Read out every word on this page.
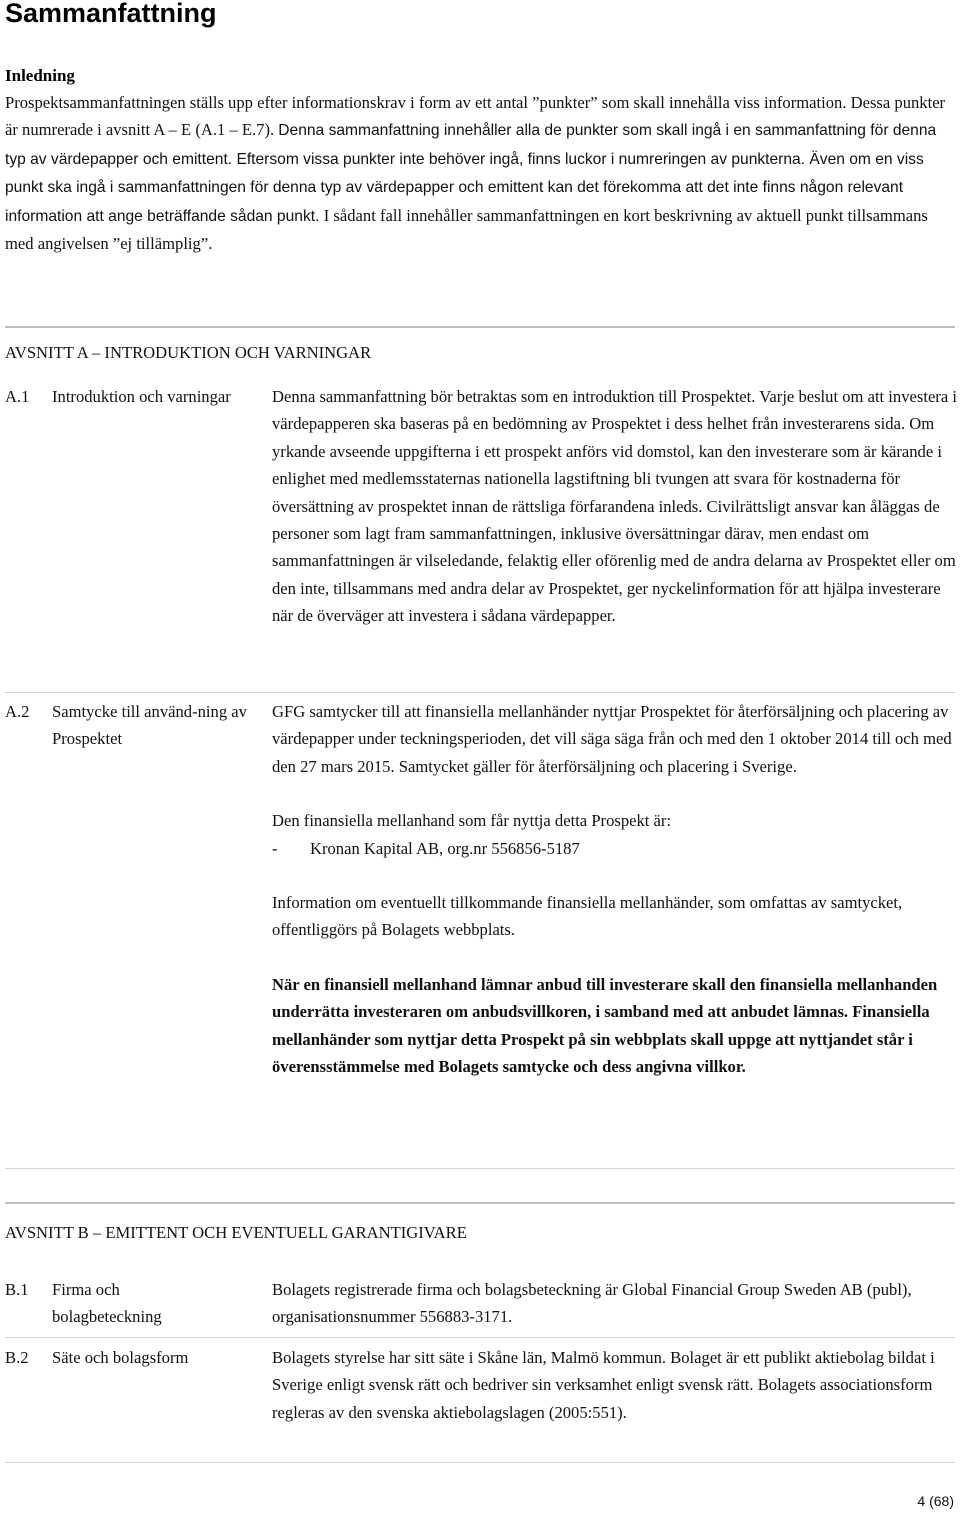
Sammanfattning
Inledning

Prospektsammanfattningen ställs upp efter informationskrav i form av ett antal ”punkter” som skall innehålla viss information. Dessa punkter är numrerade i avsnitt A – E (A.1 – E.7). Denna sammanfattning innehåller alla de punkter som skall ingå i en sammanfattning för denna typ av värdepapper och emittent. Eftersom vissa punkter inte behöver ingå, finns luckor i numreringen av punkterna. Även om en viss punkt ska ingå i sammanfattningen för denna typ av värdepapper och emittent kan det förekomma att det inte finns någon relevant information att ange beträffande sådan punkt. I sådant fall innehåller sammanfattningen en kort beskrivning av aktuell punkt tillsammans med angivelsen ”ej tillämplig”.

AVSNITT A – INTRODUKTION OCH VARNINGAR
A.1 Introduktion och varningar	Denna sammanfattning bör betraktas som en introduktion till Prospektet. Varje beslut om att investera i värdepapperen ska baseras på en bedömning av Prospektet i dess helhet från investerarens sida. Om yrkande avseende uppgifterna i ett prospekt anförs vid domstol, kan den investerare som är kärande i enlighet med medlemsstaternas nationella lagstiftning bli tvungen att svara för kostnaderna för översättning av prospektet innan de rättsliga förfarandena inleds. Civilrättsligt ansvar kan åläggas de personer som lagt fram sammanfattningen, inklusive översättningar därav, men endast om sammanfattningen är vilseledande, felaktig eller oförenlig med de andra delarna av Prospektet eller om den inte, tillsammans med andra delar av Prospektet, ger nyckelinformation för att hjälpa investerare när de överväger att investera i sådana värdepapper.

A.2 Samtycke till använd-ning av Prospektet

GFG samtycker till att finansiella mellanhänder nyttjar Prospektet för återförsäljning och placering av värdepapper under teckningsperioden, det vill säga säga från och med den 1 oktober 2014 till och med den 27 mars 2015. Samtycket gäller för återförsäljning och placering i Sverige.

Den finansiella mellanhand som får nyttja detta Prospekt är:

- Kronan Kapital AB, org.nr 556856-5187

Information om eventuellt tillkommande finansiella mellanhänder, som omfattas av samtycket, offentliggörs på Bolagets webbplats.

När en finansiell mellanhand lämnar anbud till investerare skall den finansiella mellanhanden underrätta investeraren om anbudsvillkoren, i samband med att anbudet lämnas. Finansiella mellanhänder som nyttjar detta Prospekt på sin webbplats skall uppge att nyttjandet står i överensstämmelse med Bolagets samtycke och dess angivna villkor.

AVSNITT B – EMITTENT OCH EVENTUELL GARANTIGIVARE
B.1 Firma och bolagbeteckning

Bolagets registrerade firma och bolagsbeteckning är Global Financial Group Sweden AB (publ), organisationsnummer 556883-3171.

B.2 Säte och bolagsform	Bolagets styrelse har sitt säte i Skåne län, Malmö kommun. Bolaget är ett publikt aktiebolag bildat i Sverige enligt svensk rätt och bedriver sin verksamhet enligt svensk rätt. Bolagets associationsform regleras av den svenska aktiebolagslagen (2005:551).

4 (68)
